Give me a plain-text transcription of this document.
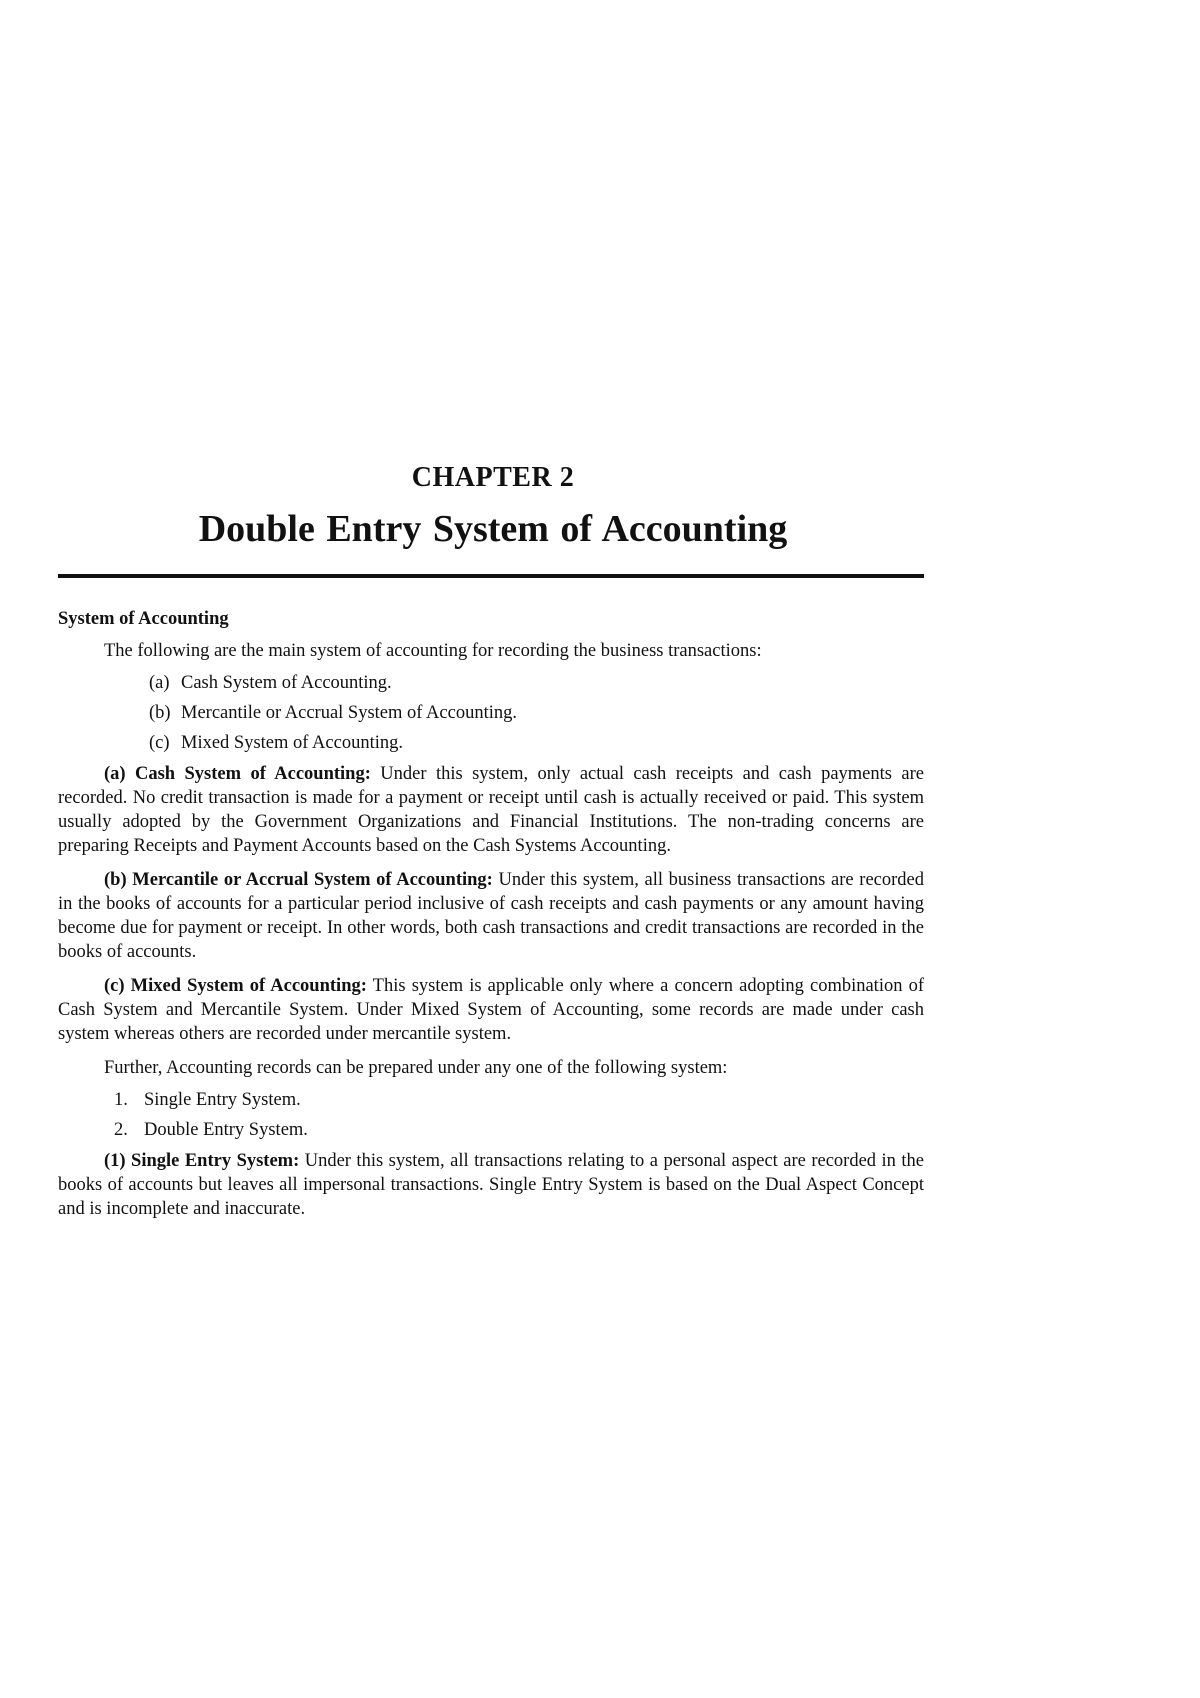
CHAPTER 2
Double Entry System of Accounting
System of Accounting

The following are the main system of accounting for recording the business transactions:

(a) Cash System of Accounting.
(b) Mercantile or Accrual System of Accounting.
(c) Mixed System of Accounting.

(a) Cash System of Accounting: Under this system, only actual cash receipts and cash payments are recorded. No credit transaction is made for a payment or receipt until cash is actually received or paid. This system usually adopted by the Government Organizations and Financial Institutions. The non-trading concerns are preparing Receipts and Payment Accounts based on the Cash Systems Accounting.

(b) Mercantile or Accrual System of Accounting: Under this system, all business transactions are recorded in the books of accounts for a particular period inclusive of cash receipts and cash payments or any amount having become due for payment or receipt. In other words, both cash transactions and credit transactions are recorded in the books of accounts.

(c) Mixed System of Accounting: This system is applicable only where a concern adopting combination of Cash System and Mercantile System. Under Mixed System of Accounting, some records are made under cash system whereas others are recorded under mercantile system.

Further, Accounting records can be prepared under any one of the following system:

1. Single Entry System.
2. Double Entry System.

(1) Single Entry System: Under this system, all transactions relating to a personal aspect are recorded in the books of accounts but leaves all impersonal transactions. Single Entry System is based on the Dual Aspect Concept and is incomplete and inaccurate.
